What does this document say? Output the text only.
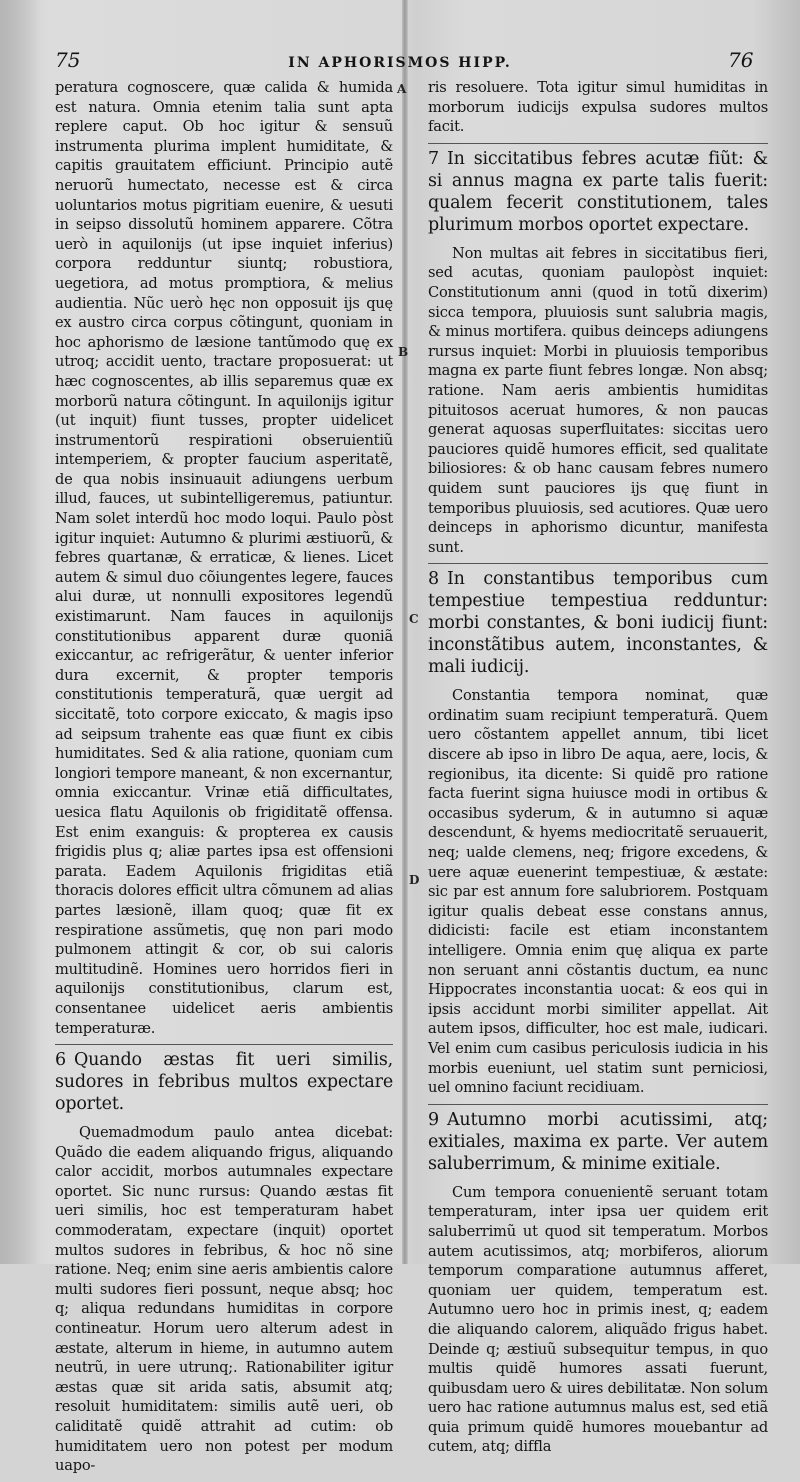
75	IN APHORISMOS HIPP.	76
A
B
C
D

peratura cognoscere, quæ calida & humida est natura. Omnia etenim talia sunt apta replere caput. Ob hoc igitur & sensuũ instrumenta plurima implent humiditate, & capitis grauitatem efficiunt. Principio autẽ neruorũ humectato, necesse est & circa uoluntarios motus pigritiam euenire, & uesuti in seipso dissolutũ hominem apparere. Cõtra uerò in aquilonijs (ut ipse inquiet inferius) corpora redduntur siuntq; robustiora, uegetiora, ad motus promptiora, & melius audientia. Nũc uerò hęc non opposuit ijs quę ex austro circa corpus cõtingunt, quoniam in hoc aphorismo de læsione tantũmodo quę ex utroq; accidit uento, tractare proposuerat: ut hæc cognoscentes, ab illis separemus quæ ex morborũ natura cõtingunt. In aquilonijs igitur (ut inquit) fiunt tusses, propter uidelicet instrumentorũ respirationi obseruientiũ intemperiem, & propter faucium asperitatẽ, de qua nobis insinuauit adiungens uerbum illud, fauces, ut subintelligeremus, patiuntur. Nam solet interdũ hoc modo loqui. Paulo pòst igitur inquiet: Autumno & plurimi æstiuorũ, & febres quartanæ, & erraticæ, & lienes. Licet autem & simul duo cõiungentes legere, fauces alui duræ, ut nonnulli expositores legendũ existimarunt. Nam fauces in aquilonijs constitutionibus apparent duræ quoniã exiccantur, ac refrigerãtur, & uenter inferior dura excernit, & propter temporis constitutionis temperaturã, quæ uergit ad siccitatẽ, toto corpore exiccato, & magis ipso ad seipsum trahente eas quæ fiunt ex cibis humiditates. Sed & alia ratione, quoniam cum longiori tempore maneant, & non excernantur, omnia exiccantur. Vrinæ etiã difficultates, uesica flatu Aquilonis ob frigiditatẽ offensa. Est enim exanguis: & propterea ex causis frigidis plus q; aliæ partes ipsa est offensioni parata. Eadem Aquilonis frigiditas etiã thoracis dolores efficit ultra cõmunem ad alias partes læsionẽ, illam quoq; quæ fit ex respiratione assũmetis, quę non pari modo pulmonem attingit & cor, ob sui caloris multitudinẽ. Homines uero horridos fieri in aquilonijs constitutionibus, clarum est, consentanee uidelicet aeris ambientis temperaturæ.

6 Quando æstas fit ueri similis, sudores in febribus multos expectare oportet.

Quemadmodum paulo antea dicebat: Quãdo die eadem aliquando frigus, aliquando calor accidit, morbos autumnales expectare oportet. Sic nunc rursus: Quando æstas fit ueri similis, hoc est temperaturam habet commoderatam, expectare (inquit) oportet multos sudores in febribus, & hoc nõ sine ratione. Neq; enim sine aeris ambientis calore multi sudores fieri possunt, neque absq; hoc q; aliqua redundans humiditas in corpore contineatur. Horum uero alterum adest in æstate, alterum in hieme, in autumno autem neutrũ, in uere utrunq;. Rationabiliter igitur æstas quæ sit arida satis, absumit atq; resoluit humiditatem: similis autẽ ueri, ob caliditatẽ quidẽ attrahit ad cutim: ob humiditatem uero non potest per modum uapo-

ris resoluere. Tota igitur simul humiditas in morborum iudicijs expulsa sudores multos facit.

7 In siccitatibus febres acutæ fiũt: & si annus magna ex parte talis fuerit: qualem fecerit constitutionem, tales plurimum morbos oportet expectare.

Non multas ait febres in siccitatibus fieri, sed acutas, quoniam paulopòst inquiet: Constitutionum anni (quod in totũ dixerim) sicca tempora, pluuiosis sunt salubria magis, & minus mortifera. quibus deinceps adiungens rursus inquiet: Morbi in pluuiosis temporibus magna ex parte fiunt febres longæ. Non absq; ratione. Nam aeris ambientis humiditas pituitosos aceruat humores, & non paucas generat aquosas superfluitates: siccitas uero pauciores quidẽ humores efficit, sed qualitate biliosiores: & ob hanc causam febres numero quidem sunt pauciores ijs quę fiunt in temporibus pluuiosis, sed acutiores. Quæ uero deinceps in aphorismo dicuntur, manifesta sunt.

8 In constantibus temporibus cum tempestiue tempestiua redduntur: morbi constantes, & boni iudicij fiunt: inconstãtibus autem, inconstantes, & mali iudicij.

Constantia tempora nominat, quæ ordinatim suam recipiunt temperaturã. Quem uero cõstantem appellet annum, tibi licet discere ab ipso in libro De aqua, aere, locis, & regionibus, ita dicente: Si quidẽ pro ratione facta fuerint signa huiusce modi in ortibus & occasibus syderum, & in autumno si aquæ descendunt, & hyems mediocritatẽ seruauerit, neq; ualde clemens, neq; frigore excedens, & uere aquæ euenerint tempestiuæ, & æstate: sic par est annum fore salubriorem. Postquam igitur qualis debeat esse constans annus, didicisti: facile est etiam inconstantem intelligere. Omnia enim quę aliqua ex parte non seruant anni cõstantis ductum, ea nunc Hippocrates inconstantia uocat: & eos qui in ipsis accidunt morbi similiter appellat. Ait autem ipsos, difficulter, hoc est male, iudicari. Vel enim cum casibus periculosis iudicia in his morbis eueniunt, uel statim sunt perniciosi, uel omnino faciunt recidiuam.

9 Autumno morbi acutissimi, atq; exitiales, maxima ex parte. Ver autem saluberrimum, & minime exitiale.

Cum tempora conuenientẽ seruant totam temperaturam, inter ipsa uer quidem erit saluberrimũ ut quod sit temperatum. Morbos autem acutissimos, atq; morbiferos, aliorum temporum comparatione autumnus afferet, quoniam uer quidem, temperatum est. Autumno uero hoc in primis inest, q; eadem die aliquando calorem, aliquãdo frigus habet. Deinde q; æstiuũ subsequitur tempus, in quo multis quidẽ humores assati fuerunt, quibusdam uero & uires debilitatæ. Non solum uero hac ratione autumnus malus est, sed etiã quia primum quidẽ humores mouebantur ad cutem, atq; diffla
